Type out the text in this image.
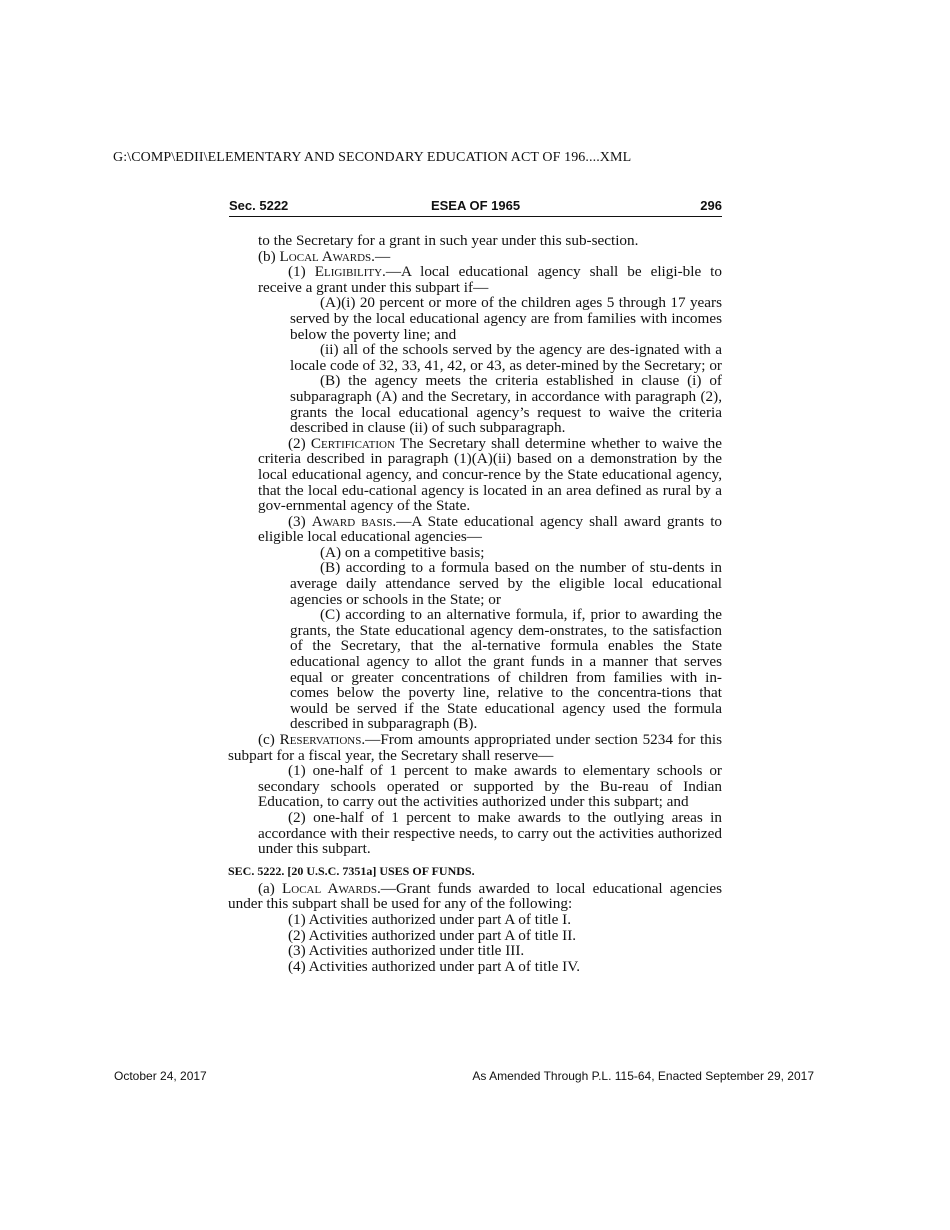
G:\COMP\EDII\ELEMENTARY AND SECONDARY EDUCATION ACT OF 196....XML
Sec. 5222	ESEA OF 1965	296

to the Secretary for a grant in such year under this sub-section.

(b) Local Awards.—

(1) Eligibility.—A local educational agency shall be eligi-ble to receive a grant under this subpart if—

(A)(i) 20 percent or more of the children ages 5 through 17 years served by the local educational agency are from families with incomes below the poverty line; and

(ii) all of the schools served by the agency are des-ignated with a locale code of 32, 33, 41, 42, or 43, as deter-mined by the Secretary; or

(B) the agency meets the criteria established in clause (i) of subparagraph (A) and the Secretary, in accordance with paragraph (2), grants the local educational agency’s request to waive the criteria described in clause (ii) of such subparagraph.

(2) Certification The Secretary shall determine whether to waive the criteria described in paragraph (1)(A)(ii) based on a demonstration by the local educational agency, and concur-rence by the State educational agency, that the local edu-cational agency is located in an area defined as rural by a gov-ernmental agency of the State.

(3) Award basis.—A State educational agency shall award grants to eligible local educational agencies—

(A) on a competitive basis;

(B) according to a formula based on the number of stu-dents in average daily attendance served by the eligible local educational agencies or schools in the State; or

(C) according to an alternative formula, if, prior to awarding the grants, the State educational agency dem-onstrates, to the satisfaction of the Secretary, that the al-ternative formula enables the State educational agency to allot the grant funds in a manner that serves equal or greater concentrations of children from families with in-comes below the poverty line, relative to the concentra-tions that would be served if the State educational agency used the formula described in subparagraph (B).

(c) Reservations.—From amounts appropriated under section 5234 for this subpart for a fiscal year, the Secretary shall reserve—

(1) one-half of 1 percent to make awards to elementary schools or secondary schools operated or supported by the Bu-reau of Indian Education, to carry out the activities authorized under this subpart; and

(2) one-half of 1 percent to make awards to the outlying areas in accordance with their respective needs, to carry out the activities authorized under this subpart.

SEC. 5222. [20 U.S.C. 7351a] USES OF FUNDS.

(a) Local Awards.—Grant funds awarded to local educational agencies under this subpart shall be used for any of the following:

(1) Activities authorized under part A of title I.

(2) Activities authorized under part A of title II.

(3) Activities authorized under title III.

(4) Activities authorized under part A of title IV.

October 24, 2017	As Amended Through P.L. 115-64, Enacted September 29, 2017
